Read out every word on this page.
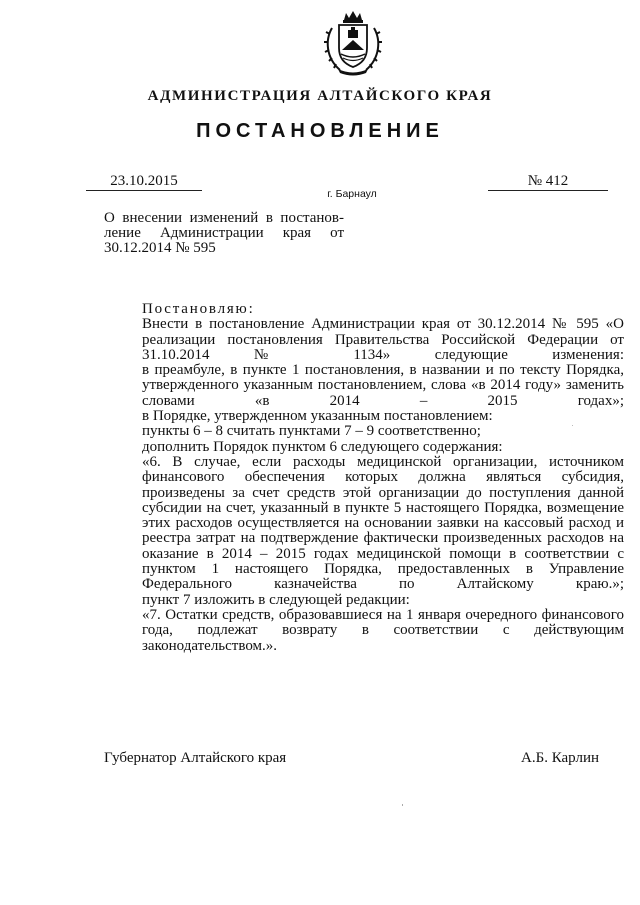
АДМИНИСТРАЦИЯ АЛТАЙСКОГО КРАЯ
ПОСТАНОВЛЕНИЕ
23.10.2015	№ 412
г. Барнаул
О внесении изменений в постанов-
ление Администрации края от
30.12.2014 № 595
Постановляю:
Внести в постановление Администрации края от 30.12.2014 № 595 «О реализации постановления Правительства Российской Федерации от 31.10.2014 № 1134» следующие изменения:
в преамбуле, в пункте 1 постановления, в названии и по тексту Порядка, утвержденного указанным постановлением, слова «в 2014 году» заменить словами «в 2014 – 2015 годах»;
в Порядке, утвержденном указанным постановлением:
пункты 6 – 8 считать пунктами 7 – 9 соответственно;
дополнить Порядок пунктом 6 следующего содержания:
«6. В случае, если расходы медицинской организации, источником финансового обеспечения которых должна являться субсидия, произведены за счет средств этой организации до поступления данной субсидии на счет, указанный в пункте 5 настоящего Порядка, возмещение этих расходов осуществляется на основании заявки на кассовый расход и реестра затрат на подтверждение фактически произведенных расходов на оказание в 2014 – 2015 годах медицинской помощи в соответствии с пунктом 1 настоящего Порядка, предоставленных в Управление Федерального казначейства по Алтайскому краю.»;
пункт 7 изложить в следующей редакции:
«7. Остатки средств, образовавшиеся на 1 января очередного финансового года, подлежат возврату в соответствии с действующим законодательством.».
Губернатор Алтайского края	А.Б. Карлин
